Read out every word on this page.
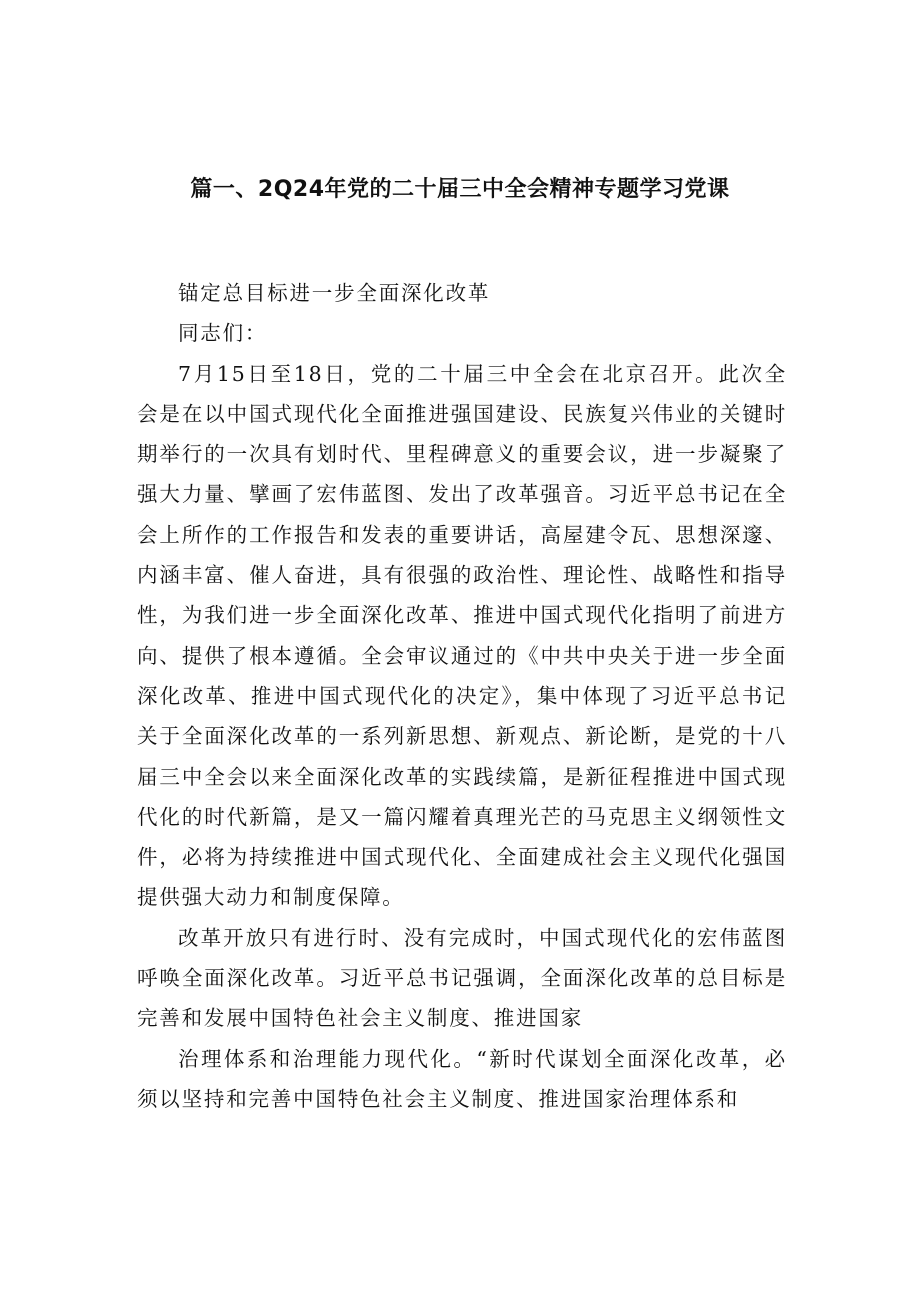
篇一、2Q24年党的二十届三中全会精神专题学习党课

锚定总目标进一步全面深化改革

同志们：

7月15日至18日，党的二十届三中全会在北京召开。此次全会是在以中国式现代化全面推进强国建设、民族复兴伟业的关键时期举行的一次具有划时代、里程碑意义的重要会议，进一步凝聚了强大力量、擘画了宏伟蓝图、发出了改革强音。习近平总书记在全会上所作的工作报告和发表的重要讲话，高屋建令瓦、思想深邃、内涵丰富、催人奋进，具有很强的政治性、理论性、战略性和指导性，为我们进一步全面深化改革、推进中国式现代化指明了前进方向、提供了根本遵循。全会审议通过的《中共中央关于进一步全面深化改革、推进中国式现代化的决定》，集中体现了习近平总书记关于全面深化改革的一系列新思想、新观点、新论断，是党的十八届三中全会以来全面深化改革的实践续篇，是新征程推进中国式现代化的时代新篇，是又一篇闪耀着真理光芒的马克思主义纲领性文件，必将为持续推进中国式现代化、全面建成社会主义现代化强国提供强大动力和制度保障。

改革开放只有进行时、没有完成时，中国式现代化的宏伟蓝图呼唤全面深化改革。习近平总书记强调，全面深化改革的总目标是完善和发展中国特色社会主义制度、推进国家

治理体系和治理能力现代化。“新时代谋划全面深化改革，必须以坚持和完善中国特色社会主义制度、推进国家治理体系和
